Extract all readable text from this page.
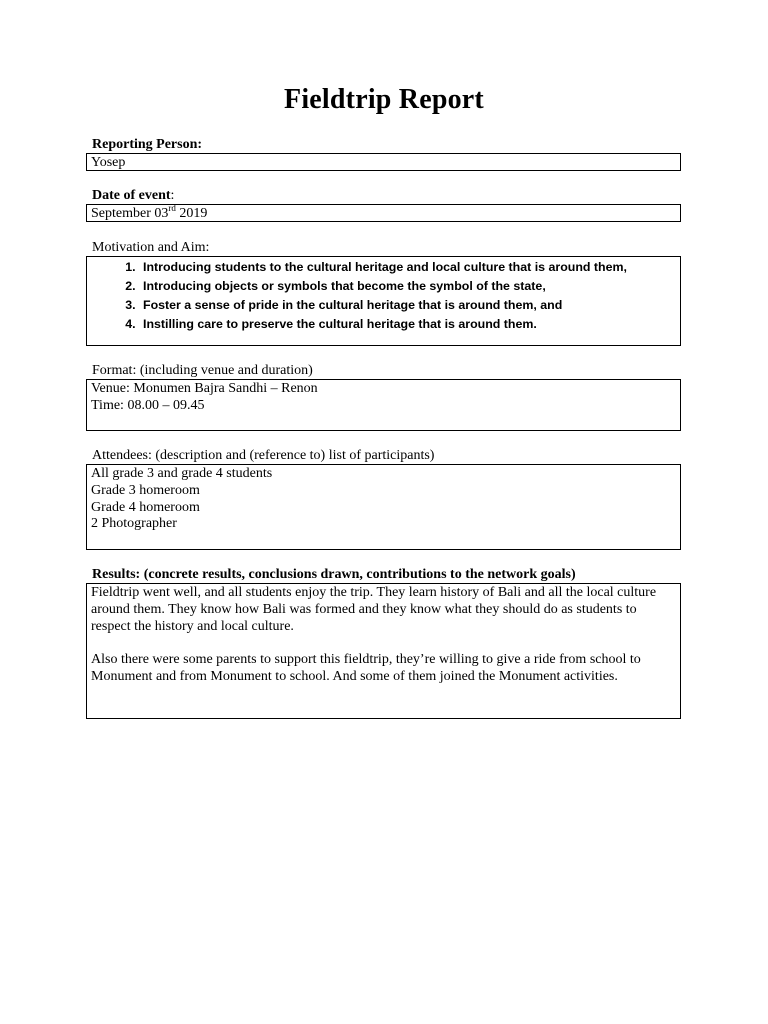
Fieldtrip Report
Reporting Person:
Yosep
Date of event:
September 03rd 2019
Motivation and Aim:
1. Introducing students to the cultural heritage and local culture that is around them,
2. Introducing objects or symbols that become the symbol of the state,
3. Foster a sense of pride in the cultural heritage that is around them, and
4. Instilling care to preserve the cultural heritage that is around them.
Format: (including venue and duration)
Venue: Monumen Bajra Sandhi – Renon
Time: 08.00 – 09.45
Attendees: (description and (reference to) list of participants)
All grade 3 and grade 4 students
Grade 3 homeroom
Grade 4 homeroom
2 Photographer
Results: (concrete results, conclusions drawn, contributions to the network goals)

Fieldtrip went well, and all students enjoy the trip. They learn history of Bali and all the local culture around them. They know how Bali was formed and they know what they should do as students to respect the history and local culture.

Also there were some parents to support this fieldtrip, they’re willing to give a ride from school to Monument and from Monument to school. And some of them joined the Monument activities.
